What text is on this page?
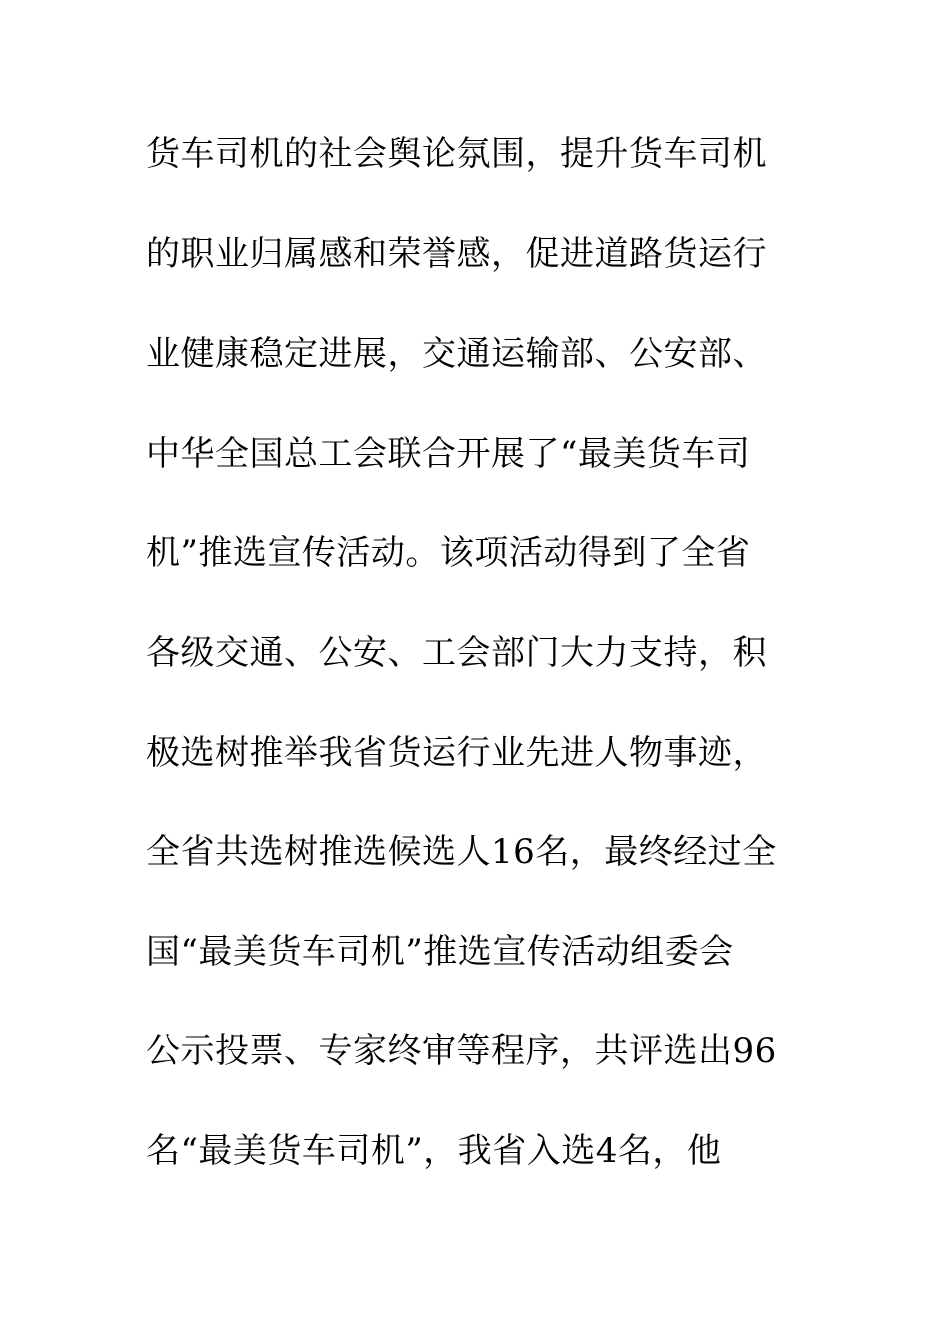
货车司机的社会舆论氛围，提升货车司机
的职业归属感和荣誉感，促进道路货运行
业健康稳定进展，交通运输部、公安部、
中华全国总工会联合开展了“最美货车司
机”推选宣传活动。该项活动得到了全省
各级交通、公安、工会部门大力支持，积
极选树推举我省货运行业先进人物事迹，
全省共选树推选候选人16名，最终经过全
国“最美货车司机”推选宣传活动组委会
公示投票、专家终审等程序，共评选出96
名“最美货车司机”，我省入选4名，他
